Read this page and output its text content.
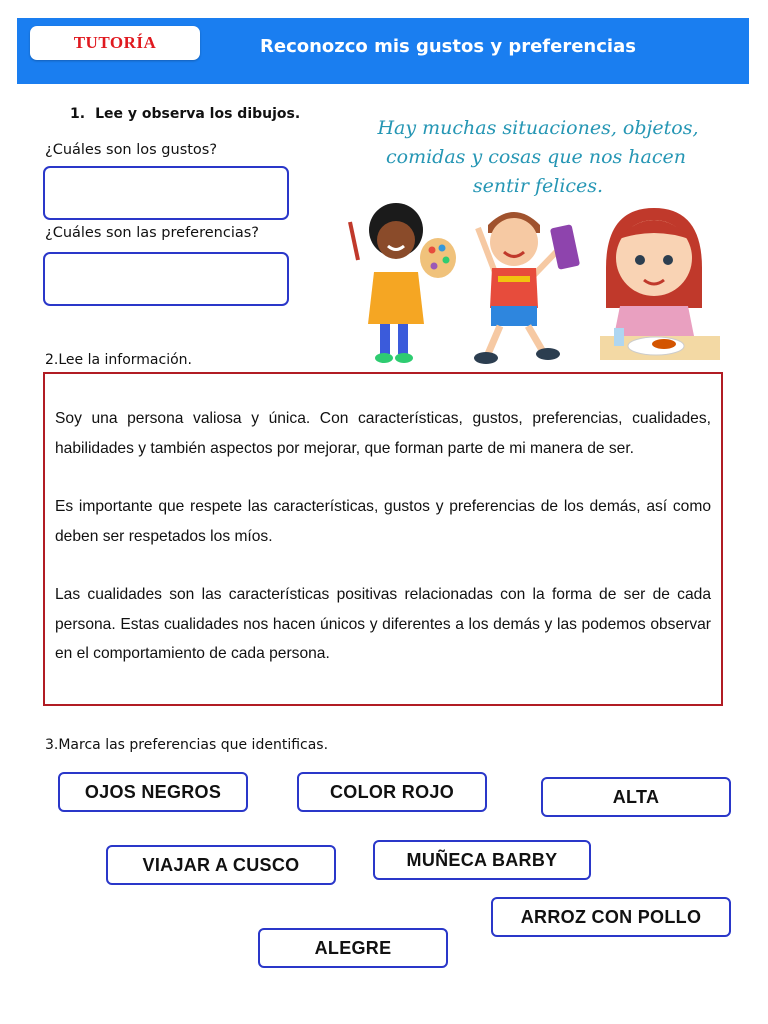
TUTORÍA	Reconozco mis gustos y preferencias
1. Lee y observa los dibujos.
¿Cuáles son los gustos?
¿Cuáles son las preferencias?
Hay muchas situaciones, objetos,
comidas y cosas que nos hacen
sentir felices.
2.Lee la información.

Soy una persona valiosa y única. Con características, gustos, preferencias, cualidades, habilidades y también aspectos por mejorar, que forman parte de mi manera de ser.

Es importante que respete las características, gustos y preferencias de los demás, así como deben ser respetados los míos.

Las cualidades son las características positivas relacionadas con la forma de ser de cada persona. Estas cualidades nos hacen únicos y diferentes a los demás y las podemos observar en el comportamiento de cada persona.

3.Marca las preferencias que identificas.
OJOS NEGROS	COLOR ROJO	ALTA
VIAJAR A CUSCO	MUÑECA BARBY
ARROZ CON POLLO
ALEGRE
